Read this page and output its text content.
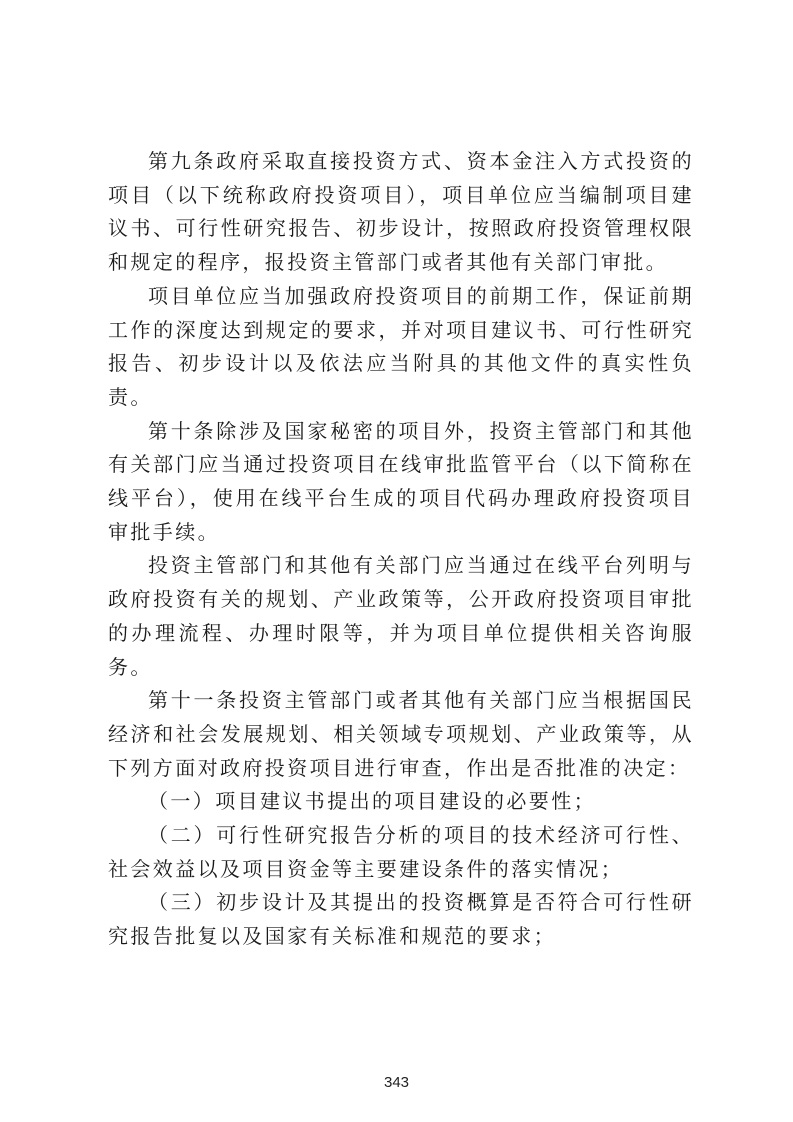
第九条政府采取直接投资方式、资本金注入方式投资的项目（以下统称政府投资项目），项目单位应当编制项目建议书、可行性研究报告、初步设计，按照政府投资管理权限和规定的程序，报投资主管部门或者其他有关部门审批。

项目单位应当加强政府投资项目的前期工作，保证前期工作的深度达到规定的要求，并对项目建议书、可行性研究报告、初步设计以及依法应当附具的其他文件的真实性负责。

第十条除涉及国家秘密的项目外，投资主管部门和其他有关部门应当通过投资项目在线审批监管平台（以下简称在线平台），使用在线平台生成的项目代码办理政府投资项目审批手续。

投资主管部门和其他有关部门应当通过在线平台列明与政府投资有关的规划、产业政策等，公开政府投资项目审批的办理流程、办理时限等，并为项目单位提供相关咨询服务。

第十一条投资主管部门或者其他有关部门应当根据国民经济和社会发展规划、相关领域专项规划、产业政策等，从下列方面对政府投资项目进行审查，作出是否批准的决定：

（一）项目建议书提出的项目建设的必要性；

（二）可行性研究报告分析的项目的技术经济可行性、社会效益以及项目资金等主要建设条件的落实情况；

（三）初步设计及其提出的投资概算是否符合可行性研究报告批复以及国家有关标准和规范的要求；

343
